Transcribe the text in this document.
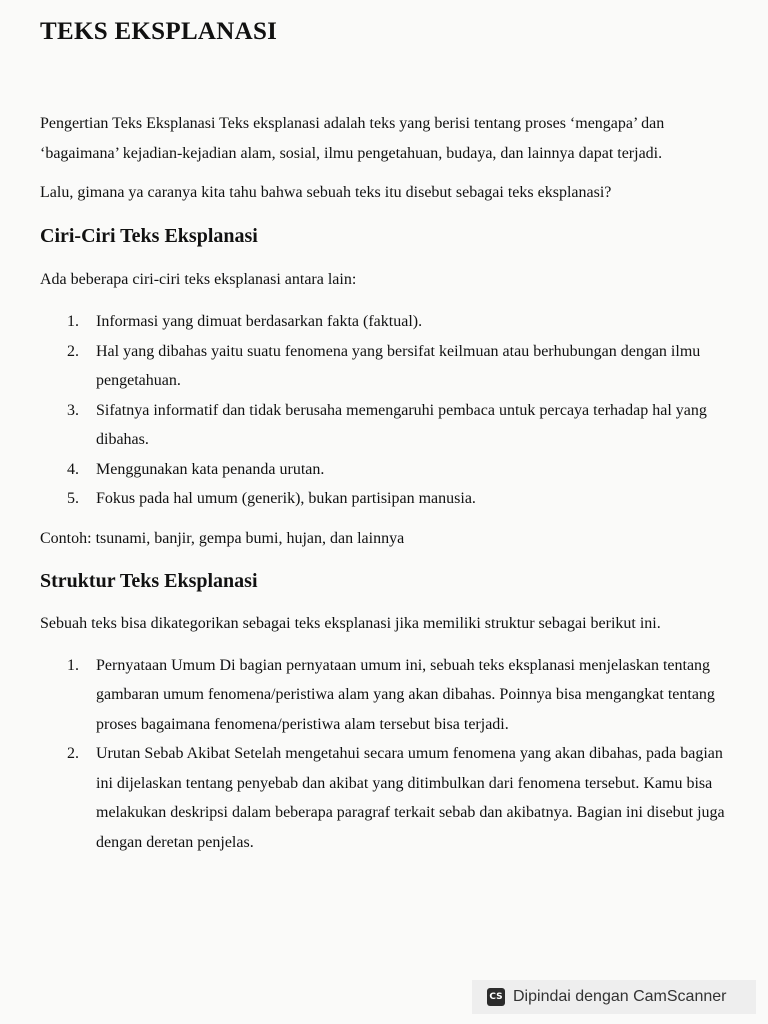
TEKS EKSPLANASI

Pengertian Teks Eksplanasi Teks eksplanasi adalah teks yang berisi tentang proses ‘mengapa’ dan ‘bagaimana’ kejadian-kejadian alam, sosial, ilmu pengetahuan, budaya, dan lainnya dapat terjadi.

Lalu, gimana ya caranya kita tahu bahwa sebuah teks itu disebut sebagai teks eksplanasi?

Ciri-Ciri Teks Eksplanasi

Ada beberapa ciri-ciri teks eksplanasi antara lain:

1. Informasi yang dimuat berdasarkan fakta (faktual).
2. Hal yang dibahas yaitu suatu fenomena yang bersifat keilmuan atau berhubungan dengan ilmu pengetahuan.
3. Sifatnya informatif dan tidak berusaha memengaruhi pembaca untuk percaya terhadap hal yang dibahas.
4. Menggunakan kata penanda urutan.
5. Fokus pada hal umum (generik), bukan partisipan manusia.

Contoh: tsunami, banjir, gempa bumi, hujan, dan lainnya

Struktur Teks Eksplanasi

Sebuah teks bisa dikategorikan sebagai teks eksplanasi jika memiliki struktur sebagai berikut ini.

1. Pernyataan Umum Di bagian pernyataan umum ini, sebuah teks eksplanasi menjelaskan tentang gambaran umum fenomena/peristiwa alam yang akan dibahas. Poinnya bisa mengangkat tentang proses bagaimana fenomena/peristiwa alam tersebut bisa terjadi.
2. Urutan Sebab Akibat Setelah mengetahui secara umum fenomena yang akan dibahas, pada bagian ini dijelaskan tentang penyebab dan akibat yang ditimbulkan dari fenomena tersebut. Kamu bisa melakukan deskripsi dalam beberapa paragraf terkait sebab dan akibatnya. Bagian ini disebut juga dengan deretan penjelas.
CS Dipindai dengan CamScanner
